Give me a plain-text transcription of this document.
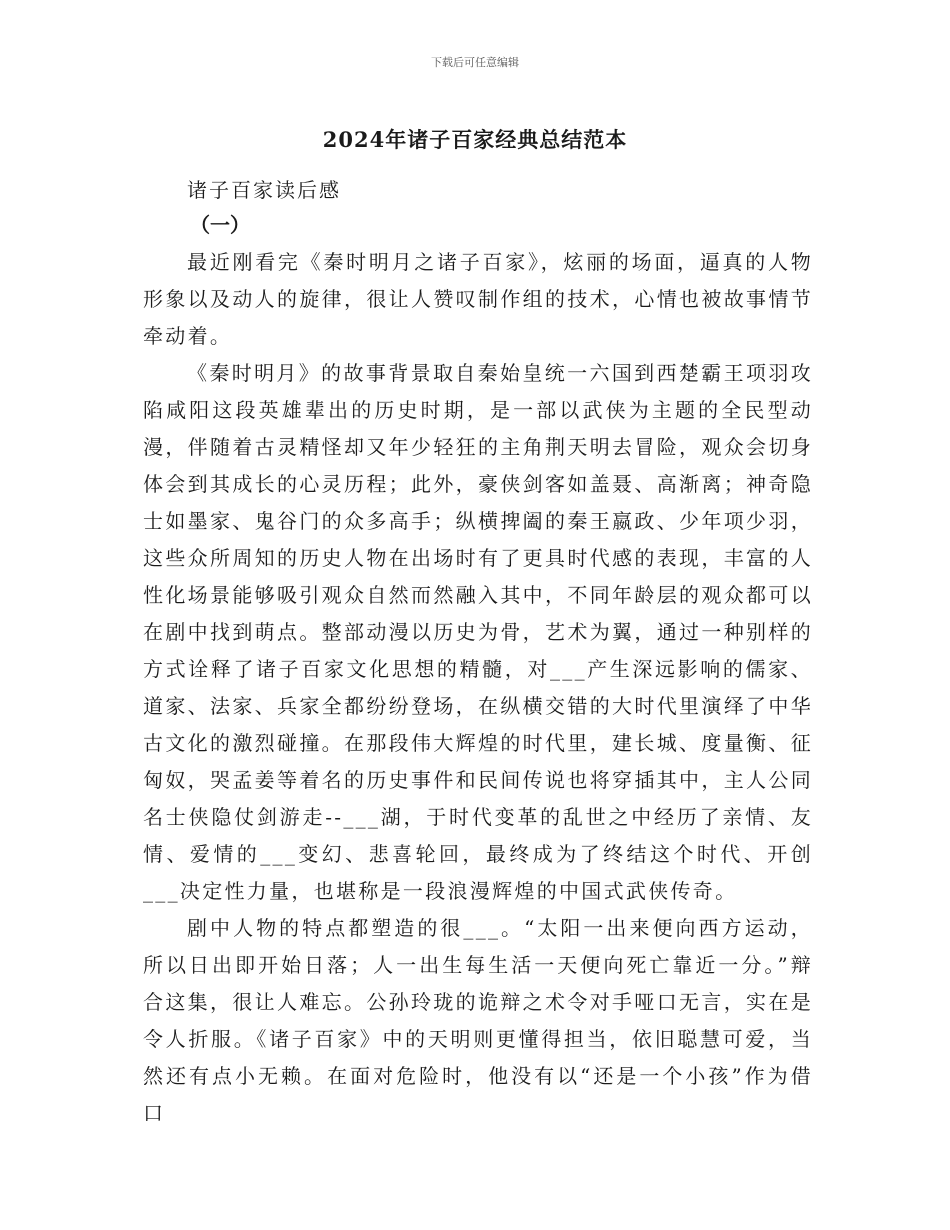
下载后可任意编辑
2024年诸子百家经典总结范本
诸子百家读后感
（一）

最近刚看完《秦时明月之诸子百家》，炫丽的场面，逼真的人物形象以及动人的旋律，很让人赞叹制作组的技术，心情也被故事情节牵动着。

《秦时明月》的故事背景取自秦始皇统一六国到西楚霸王项羽攻陷咸阳这段英雄辈出的历史时期，是一部以武侠为主题的全民型动漫，伴随着古灵精怪却又年少轻狂的主角荆天明去冒险，观众会切身体会到其成长的心灵历程；此外，豪侠剑客如盖聂、高渐离；神奇隐士如墨家、鬼谷门的众多高手；纵横捭阖的秦王嬴政、少年项少羽，这些众所周知的历史人物在出场时有了更具时代感的表现，丰富的人性化场景能够吸引观众自然而然融入其中，不同年龄层的观众都可以在剧中找到萌点。整部动漫以历史为骨，艺术为翼，通过一种别样的方式诠释了诸子百家文化思想的精髓，对___产生深远影响的儒家、道家、法家、兵家全都纷纷登场，在纵横交错的大时代里演绎了中华古文化的激烈碰撞。在那段伟大辉煌的时代里，建长城、度量衡、征匈奴，哭孟姜等着名的历史事件和民间传说也将穿插其中，主人公同名士侠隐仗剑游走--___湖，于时代变革的乱世之中经历了亲情、友情、爱情的___变幻、悲喜轮回，最终成为了终结这个时代、开创___决定性力量，也堪称是一段浪漫辉煌的中国式武侠传奇。

剧中人物的特点都塑造的很___。“太阳一出来便向西方运动，所以日出即开始日落；人一出生每生活一天便向死亡靠近一分。”辩合这集，很让人难忘。公孙玲珑的诡辩之术令对手哑口无言，实在是令人折服。《诸子百家》中的天明则更懂得担当，依旧聪慧可爱，当然还有点小无赖。在面对危险时，他没有以“还是一个小孩”作为借口
